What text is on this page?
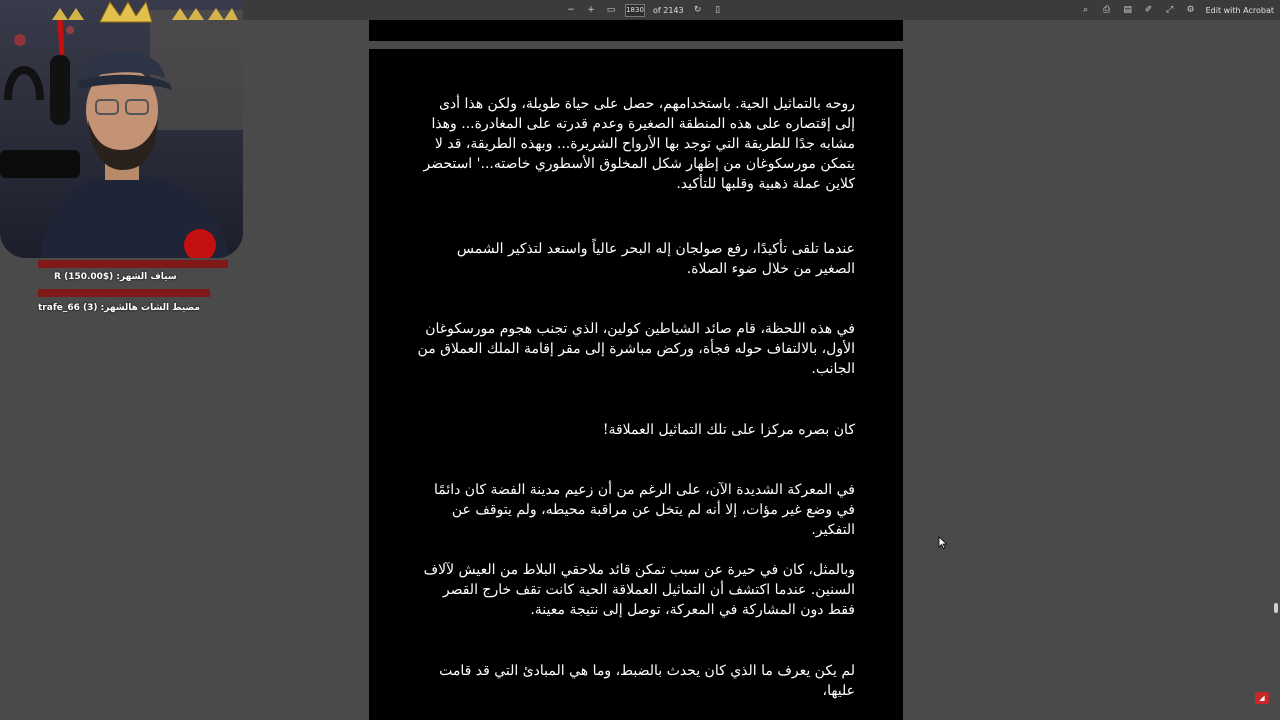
− + ▭ 1830 of 2143 ↻	▯	⌕	⎙ ▤ ✐ ⤢ ⚙ Edit with Acrobat

روحه بالتماثيل الحية. باستخدامهم، حصل على حياة طويلة، ولكن هذا أدى إلى إقتصاره على هذه المنطقة الصغيرة وعدم قدرته على المغادرة... وهذا مشابه جدًا للطريقة التي توجد بها الأرواح الشريرة... وبهذه الطريقة، قد لا يتمكن مورسكوغان من إظهار شكل المخلوق الأسطوري خاصته...' استحضر كلاين عملة ذهبية وقلبها للتأكيد.

عندما تلقى تأكيدًا، رفع صولجان إله البحر عالياً واستعد لتذكير الشمس الصغير من خلال ضوء الصلاة.

في هذه اللحظة، قام صائد الشياطين كولين، الذي تجنب هجوم مورسكوغان الأول، بالالتفاف حوله فجأة، وركض مباشرة إلى مقر إقامة الملك العملاق من الجانب.

كان بصره مركزا على تلك التماثيل العملاقة!

في المعركة الشديدة الآن، على الرغم من أن زعيم مدينة الفضة كان دائمًا في وضع غير مؤات، إلا أنه لم يتخل عن مراقبة محيطه، ولم يتوقف عن التفكير.

وبالمثل، كان في حيرة عن سبب تمكن قائد ملاحقي البلاط من العيش لآلاف السنين. عندما اكتشف أن التماثيل العملاقة الحية كانت تقف خارج القصر فقط دون المشاركة في المعركة، توصل إلى نتيجة معينة.

لم يكن يعرف ما الذي كان يحدث بالضبط، وما هي المبادئ التي قد قامت عليها،

سياف الشهر: ($150.00) R
مضيط الشات هالشهر: (3) trafe_66
◢
